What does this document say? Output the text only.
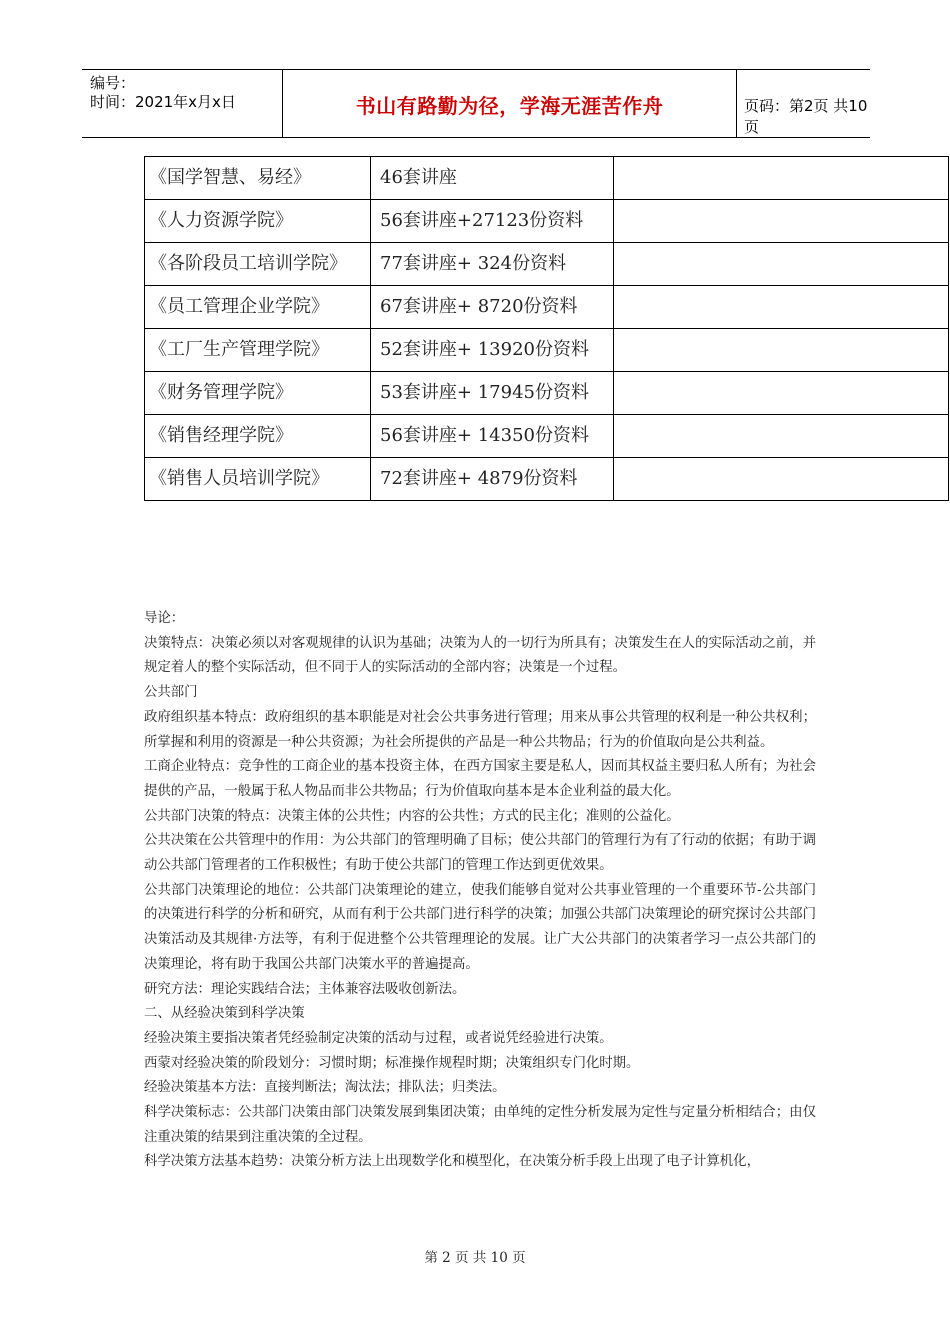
编号：
时间：2021年x月x日	书山有路勤为径，学海无涯苦作舟	页码：第2页 共10页
《国学智慧、易经》	46套讲座	
《人力资源学院》	56套讲座+27123份资料	
《各阶段员工培训学院》	77套讲座+ 324份资料	
《员工管理企业学院》	67套讲座+ 8720份资料	
《工厂生产管理学院》	52套讲座+ 13920份资料	
《财务管理学院》	53套讲座+ 17945份资料	
《销售经理学院》	56套讲座+ 14350份资料	
《销售人员培训学院》	72套讲座+ 4879份资料	

导论：

决策特点：决策必须以对客观规律的认识为基础；决策为人的一切行为所具有；决策发生在人的实际活动之前，并规定着人的整个实际活动，但不同于人的实际活动的全部内容；决策是一个过程。

公共部门

政府组织基本特点：政府组织的基本职能是对社会公共事务进行管理；用来从事公共管理的权利是一种公共权利；所掌握和利用的资源是一种公共资源；为社会所提供的产品是一种公共物品；行为的价值取向是公共利益。

工商企业特点：竞争性的工商企业的基本投资主体，在西方国家主要是私人，因而其权益主要归私人所有；为社会提供的产品，一般属于私人物品而非公共物品；行为价值取向基本是本企业利益的最大化。

公共部门决策的特点：决策主体的公共性；内容的公共性；方式的民主化；准则的公益化。

公共决策在公共管理中的作用：为公共部门的管理明确了目标；使公共部门的管理行为有了行动的依据；有助于调动公共部门管理者的工作积极性；有助于使公共部门的管理工作达到更优效果。

公共部门决策理论的地位：公共部门决策理论的建立，使我们能够自觉对公共事业管理的一个重要环节-公共部门的决策进行科学的分析和研究，从而有利于公共部门进行科学的决策；加强公共部门决策理论的研究探讨公共部门决策活动及其规律·方法等，有利于促进整个公共管理理论的发展。让广大公共部门的决策者学习一点公共部门的决策理论，将有助于我国公共部门决策水平的普遍提高。

研究方法：理论实践结合法；主体兼容法吸收创新法。

二、从经验决策到科学决策

经验决策主要指决策者凭经验制定决策的活动与过程，或者说凭经验进行决策。

西蒙对经验决策的阶段划分：习惯时期；标准操作规程时期；决策组织专门化时期。

经验决策基本方法：直接判断法；淘汰法；排队法；归类法。

科学决策标志：公共部门决策由部门决策发展到集团决策；由单纯的定性分析发展为定性与定量分析相结合；由仅注重决策的结果到注重决策的全过程。

科学决策方法基本趋势：决策分析方法上出现数学化和模型化，在决策分析手段上出现了电子计算机化，

第 2 页 共 10 页
